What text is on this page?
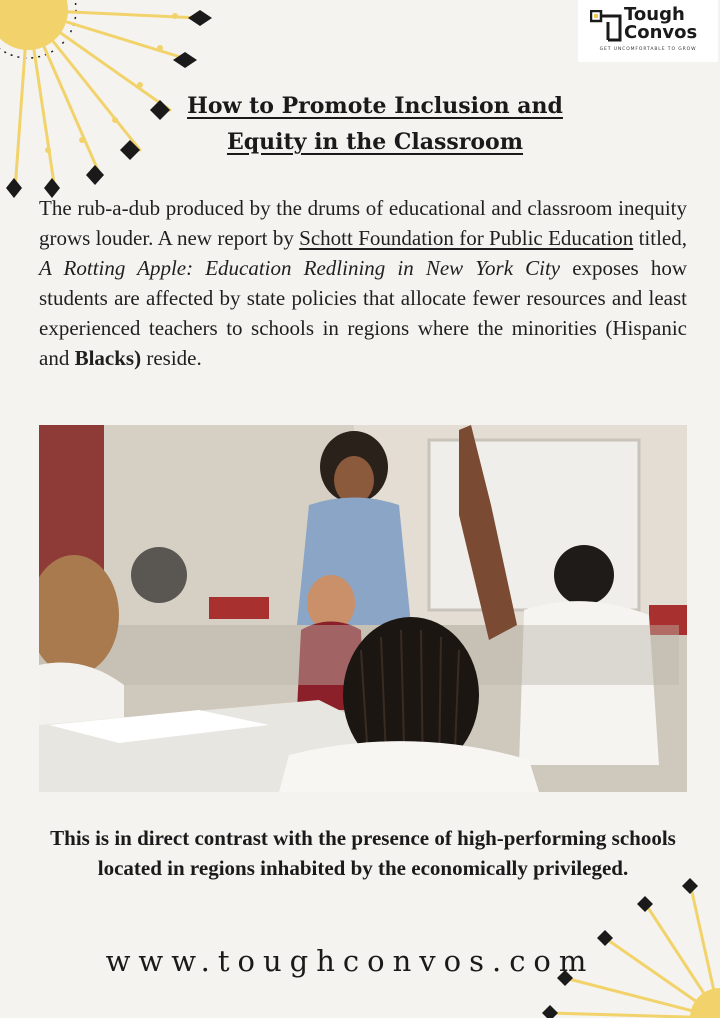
Tough
Convos
GET UNCOMFORTABLE TO GROW
How to Promote Inclusion and
Equity in the Classroom

The rub-a-dub produced by the drums of educational and classroom inequity grows louder. A new report by Schott Foundation for Public Education titled, A Rotting Apple: Education Redlining in New York City exposes how students are affected by state policies that allocate fewer resources and least experienced teachers to schools in regions where the minorities (Hispanic and Blacks) reside.

This is in direct contrast with the presence of high-performing schools located in regions inhabited by the economically privileged.
www.toughconvos.com
